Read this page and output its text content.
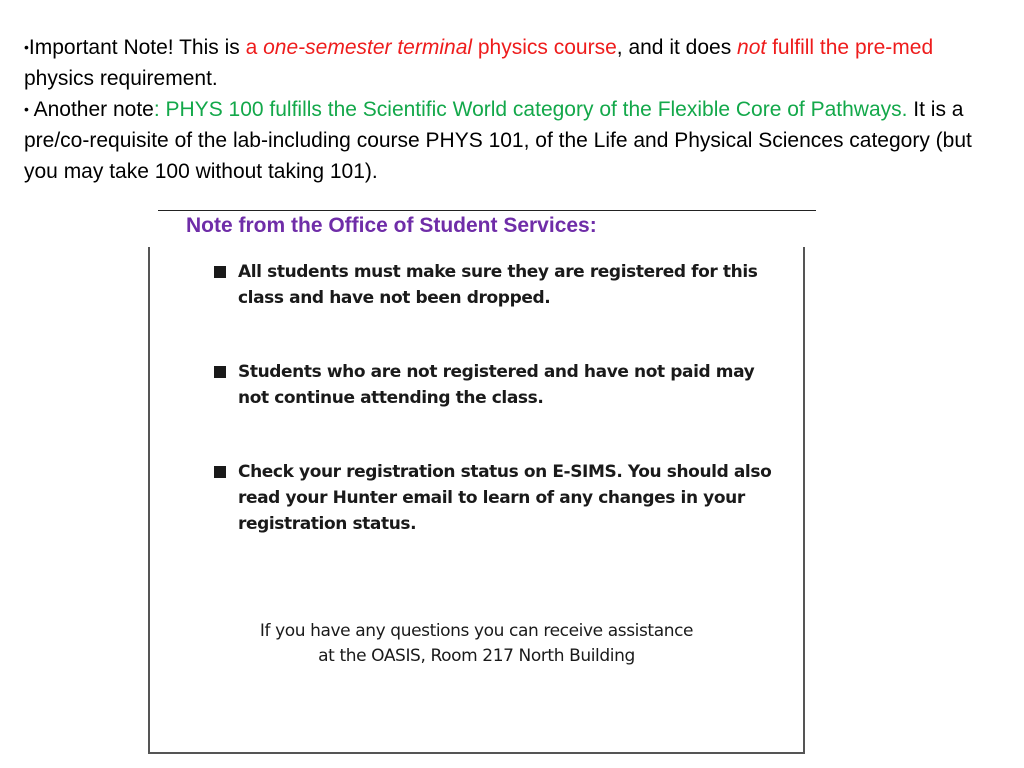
•Important Note! This is a one-semester terminal physics course, and it does not fulfill the pre-med physics requirement.

• Another note: PHYS 100 fulfills the Scientific World category of the Flexible Core of Pathways. It is a pre/co-requisite of the lab-including course PHYS 101, of the Life and Physical Sciences category (but you may take 100 without taking 101).

Note from the Office of Student Services:
All students must make sure they are registered for this class and have not been dropped.
Students who are not registered and have not paid may not continue attending the class.
Check your registration status on E-SIMS. You should also read your Hunter email to learn of any changes in your registration status.
If you have any questions you can receive assistance
at the OASIS, Room 217 North Building
